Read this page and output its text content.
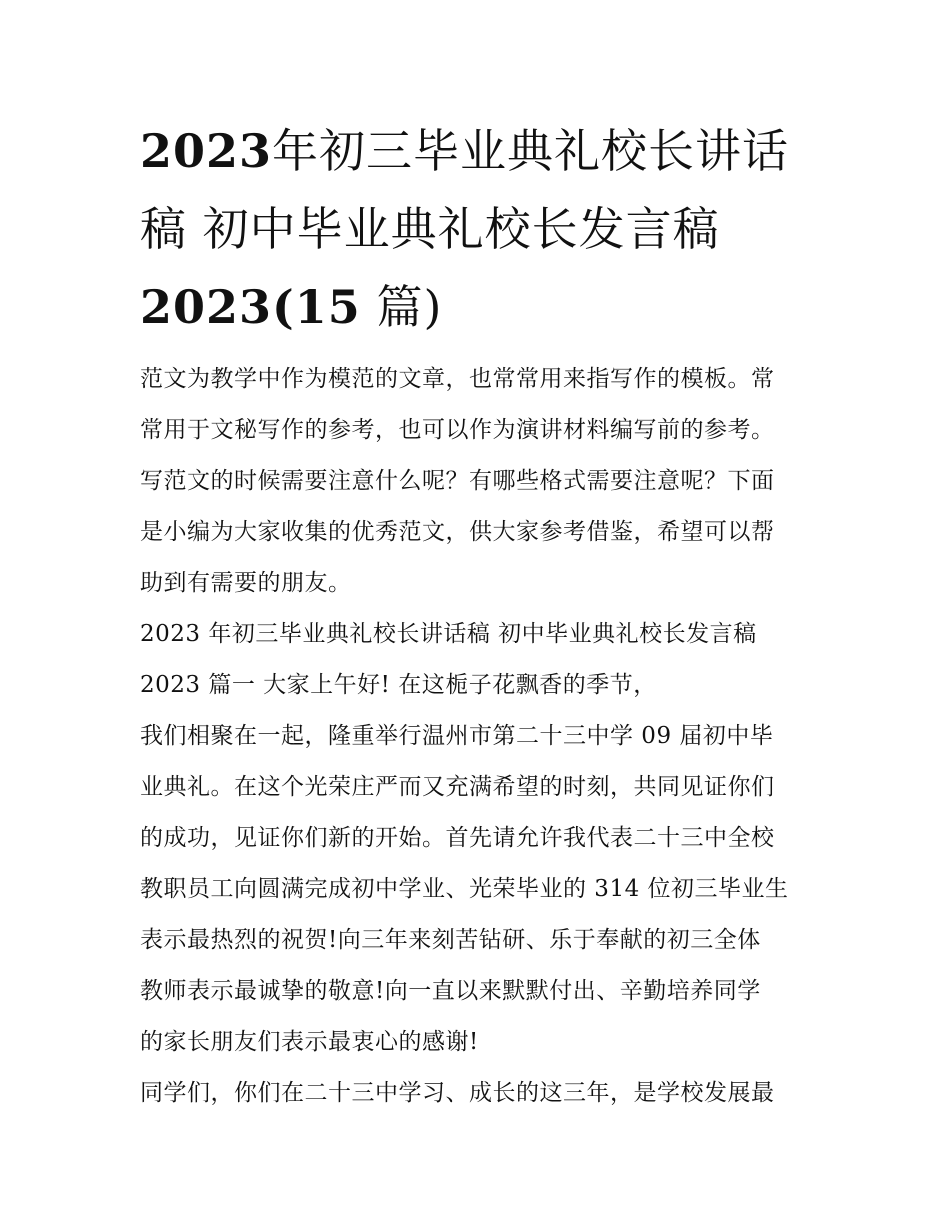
2023年初三毕业典礼校长讲话
稿 初中毕业典礼校长发言稿
2023(15 篇)

范文为教学中作为模范的文章，也常常用来指写作的模板。常
常用于文秘写作的参考，也可以作为演讲材料编写前的参考。
写范文的时候需要注意什么呢？有哪些格式需要注意呢？下面
是小编为大家收集的优秀范文，供大家参考借鉴，希望可以帮
助到有需要的朋友。

2023 年初三毕业典礼校长讲话稿 初中毕业典礼校长发言稿
2023 篇一 大家上午好! 在这栀子花飘香的季节，

我们相聚在一起，隆重举行温州市第二十三中学 09 届初中毕
业典礼。在这个光荣庄严而又充满希望的时刻，共同见证你们
的成功，见证你们新的开始。首先请允许我代表二十三中全校
教职员工向圆满完成初中学业、光荣毕业的 314 位初三毕业生
表示最热烈的祝贺!向三年来刻苦钻研、乐于奉献的初三全体
教师表示最诚挚的敬意!向一直以来默默付出、辛勤培养同学
的家长朋友们表示最衷心的感谢!

同学们，你们在二十三中学习、成长的这三年，是学校发展最
